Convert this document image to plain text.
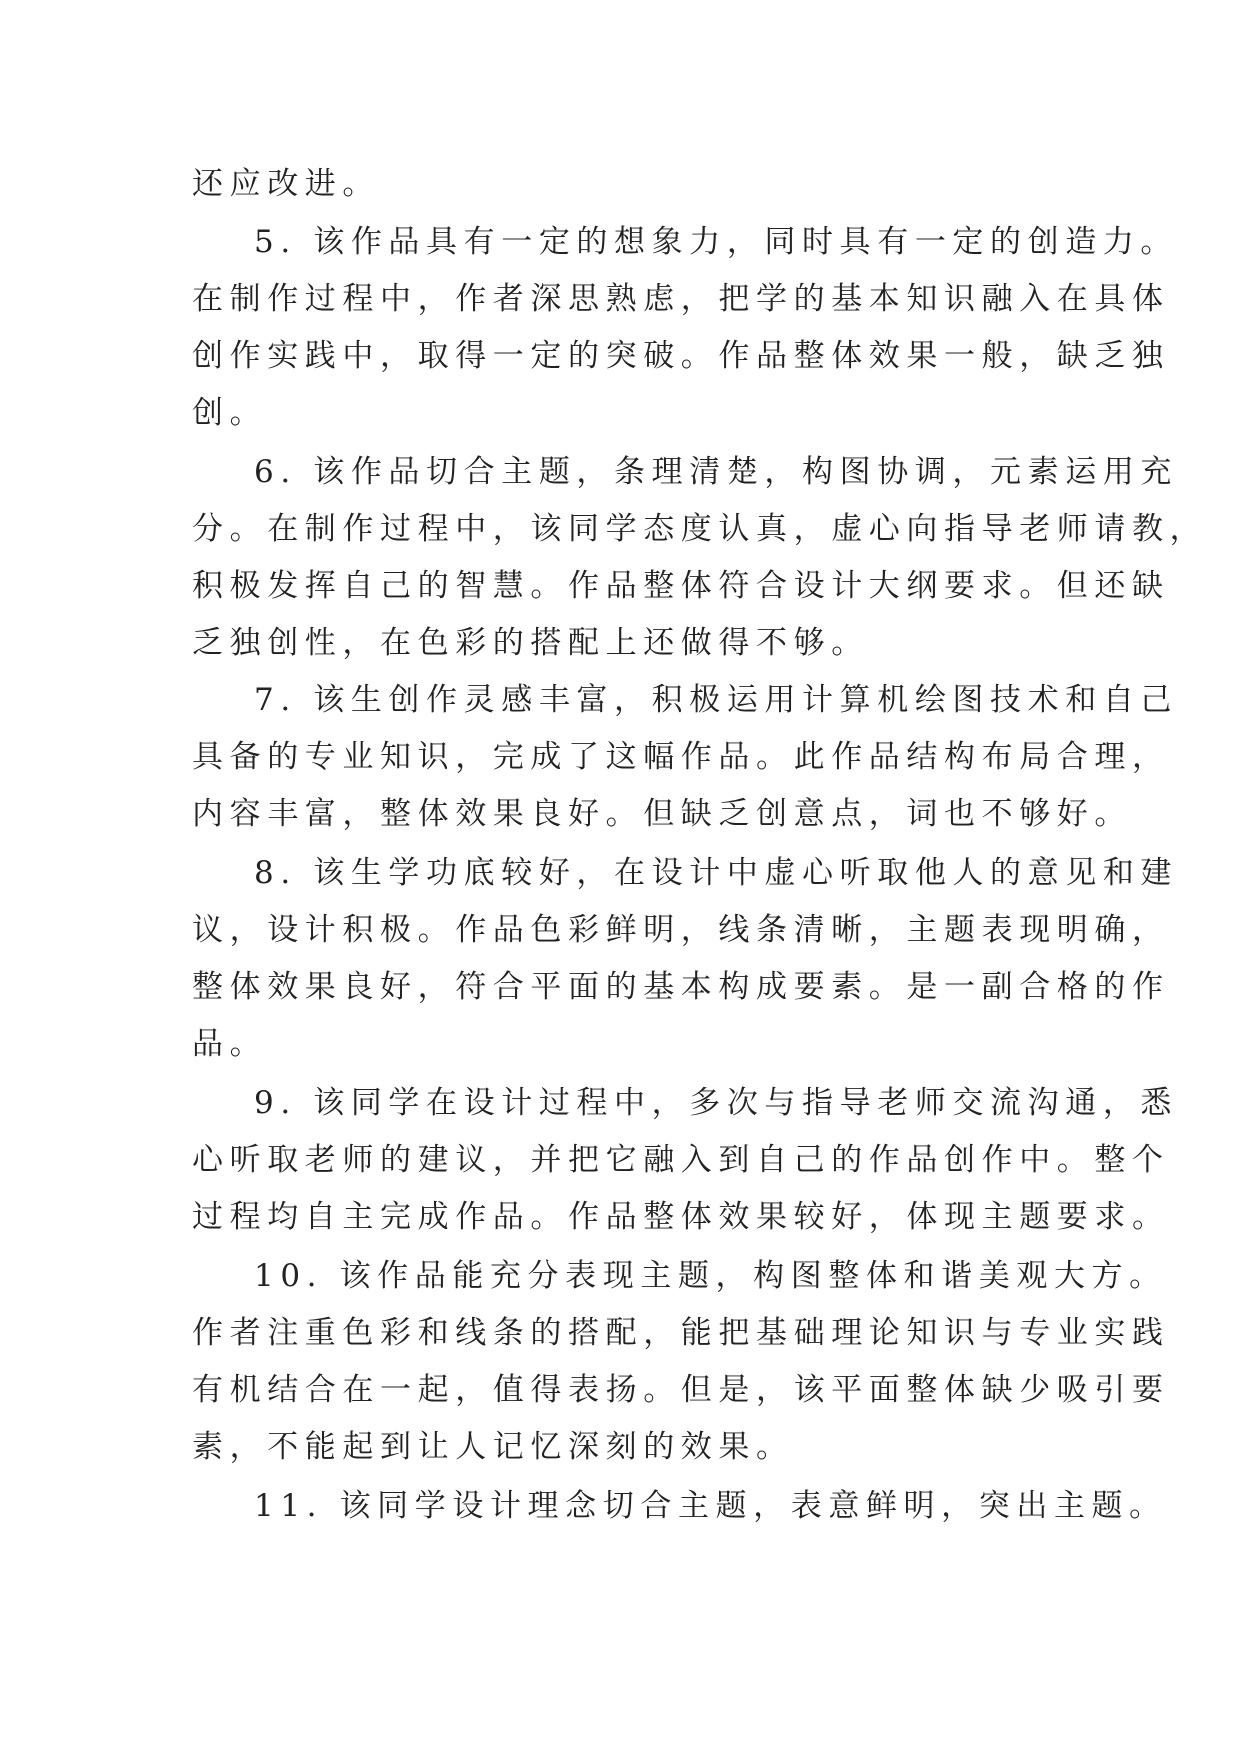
还应改进。
5. 该作品具有一定的想象力，同时具有一定的创造力。
在制作过程中，作者深思熟虑，把学的基本知识融入在具体
创作实践中，取得一定的突破。作品整体效果一般，缺乏独
创。
6. 该作品切合主题，条理清楚，构图协调，元素运用充
分。在制作过程中，该同学态度认真，虚心向指导老师请教，
积极发挥自己的智慧。作品整体符合设计大纲要求。但还缺
乏独创性，在色彩的搭配上还做得不够。
7. 该生创作灵感丰富，积极运用计算机绘图技术和自己
具备的专业知识，完成了这幅作品。此作品结构布局合理，
内容丰富，整体效果良好。但缺乏创意点，词也不够好。
8. 该生学功底较好，在设计中虚心听取他人的意见和建
议，设计积极。作品色彩鲜明，线条清晰，主题表现明确，
整体效果良好，符合平面的基本构成要素。是一副合格的作
品。
9. 该同学在设计过程中，多次与指导老师交流沟通，悉
心听取老师的建议，并把它融入到自己的作品创作中。整个
过程均自主完成作品。作品整体效果较好，体现主题要求。
10. 该作品能充分表现主题，构图整体和谐美观大方。
作者注重色彩和线条的搭配，能把基础理论知识与专业实践
有机结合在一起，值得表扬。但是，该平面整体缺少吸引要
素，不能起到让人记忆深刻的效果。
11. 该同学设计理念切合主题，表意鲜明，突出主题。
